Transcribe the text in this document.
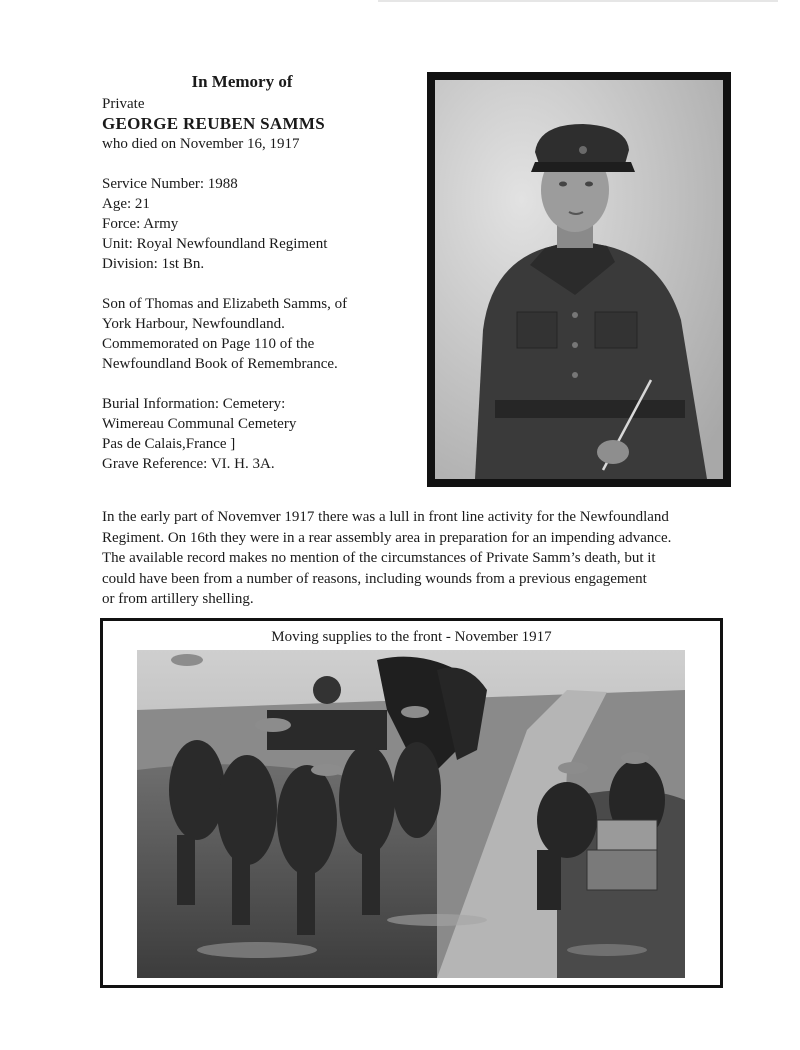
In Memory of
Private
GEORGE REUBEN SAMMS
who died on November 16, 1917
Service Number: 1988
Age: 21
Force: Army
Unit: Royal Newfoundland Regiment
Division: 1st Bn.
Son of Thomas and Elizabeth Samms, of
York Harbour, Newfoundland.
Commemorated on Page 110 of the
Newfoundland Book of Remembrance.
Burial Information: Cemetery:
Wimereau Communal Cemetery
Pas de Calais,France ]
Grave Reference: VI. H. 3A.
In the early part of Novemver 1917 there was a lull in front line activity for the Newfoundland
Regiment. On 16th they were in a rear assembly area in preparation for an impending advance.
The available record makes no mention of the circumstances of Private Samm’s death, but it
could have been from a number of reasons, including wounds from a previous engagement
or from artillery shelling.
Moving supplies to the front - November 1917
